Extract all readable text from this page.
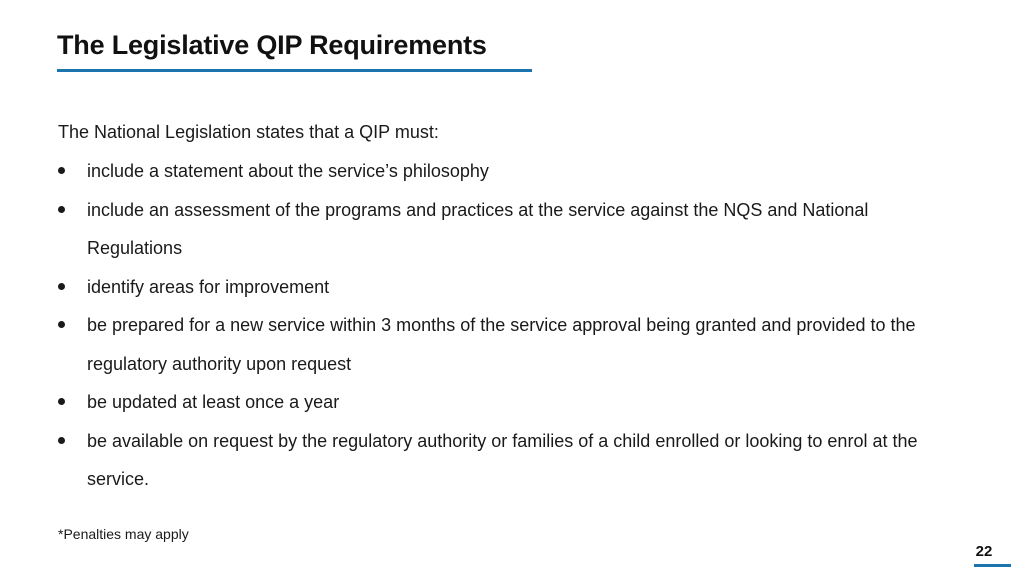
The Legislative QIP Requirements

The National Legislation states that a QIP must:

include a statement about the service’s philosophy
include an assessment of the programs and practices at the service against the NQS and National Regulations
identify areas for improvement
be prepared for a new service within 3 months of the service approval being granted and provided to the regulatory authority upon request
be updated at least once a year
be available on request by the regulatory authority or families of a child enrolled or looking to enrol at the service.

*Penalties may apply

22
